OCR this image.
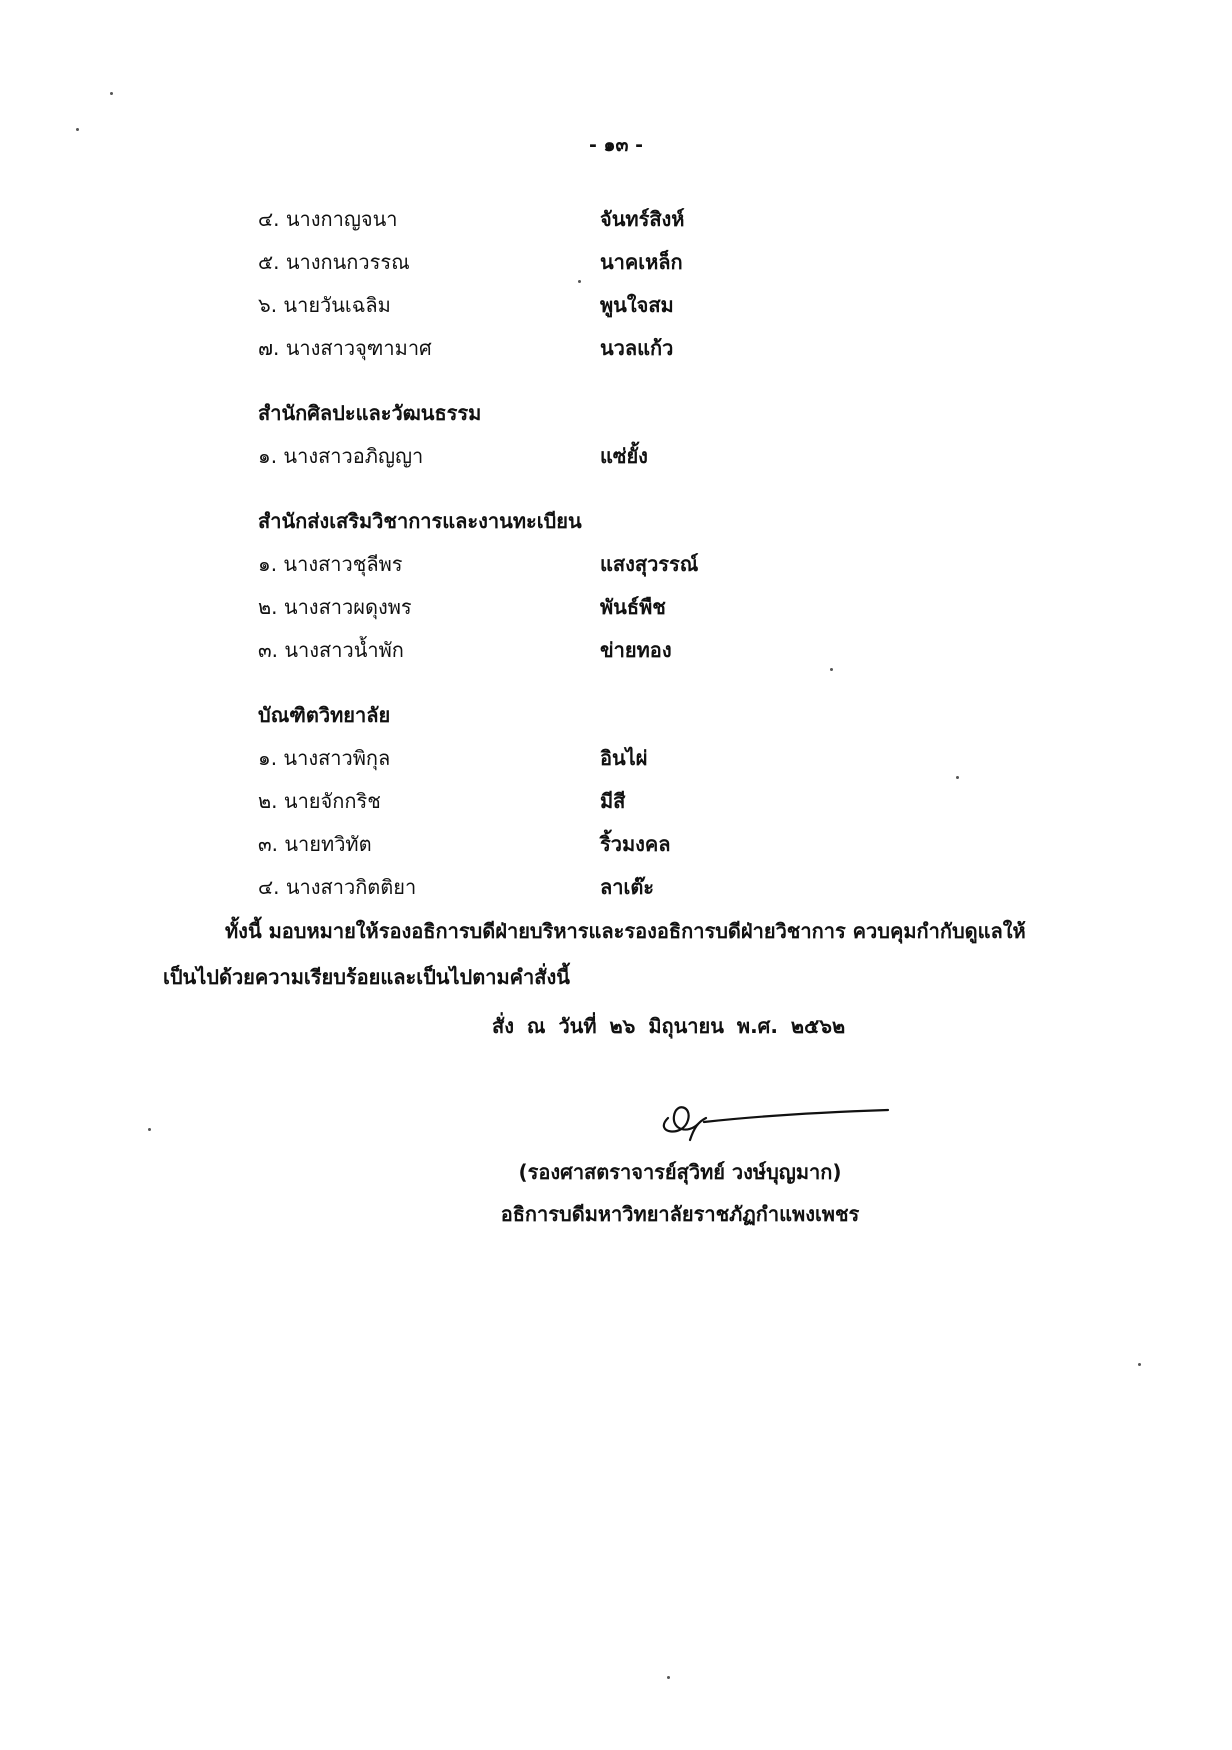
- ๑๓ -
๔. นางกาญจนา	จันทร์สิงห์
๕. นางกนกวรรณ	นาคเหล็ก
๖. นายวันเฉลิม	พูนใจสม
๗. นางสาวจุฑามาศ	นวลแก้ว
สำนักศิลปะและวัฒนธรรม
๑. นางสาวอภิญญา	แซ่ยั้ง
สำนักส่งเสริมวิชาการและงานทะเบียน
๑. นางสาวชุลีพร	แสงสุวรรณ์
๒. นางสาวผดุงพร	พันธ์พืช
๓. นางสาวน้ำพัก	ข่ายทอง
บัณฑิตวิทยาลัย
๑. นางสาวพิกุล	อินไผ่
๒. นายจักกริช	มีสี
๓. นายทวิทัต	ริ้วมงคล
๔. นางสาวกิตติยา	ลาเต๊ะ
ทั้งนี้ มอบหมายให้รองอธิการบดีฝ่ายบริหารและรองอธิการบดีฝ่ายวิชาการ ควบคุมกำกับดูแลให้
เป็นไปด้วยความเรียบร้อยและเป็นไปตามคำสั่งนี้
สั่ง ณ วันที่ ๒๖ มิถุนายน พ.ศ. ๒๕๖๒
(รองศาสตราจารย์สุวิทย์ วงษ์บุญมาก)
อธิการบดีมหาวิทยาลัยราชภัฏกำแพงเพชร
